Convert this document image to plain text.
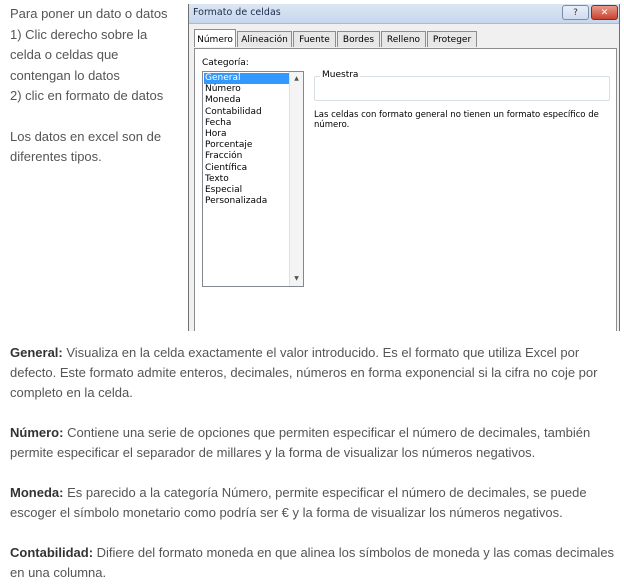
Para poner un dato o datos

1) Clic derecho sobre la

celda o celdas que

contengan lo datos

2) clic en formato de datos

Los datos en excel son de

diferentes tipos.

Formato de celdas	?	✕
Número Alineación	Fuente	Bordes	Relleno	Proteger
Categoría:
General
Número
Moneda
Contabilidad
Fecha
Hora
Porcentaje
Fracción
Científica
Texto
Especial
Personalizada
▲
▼
Muestra
Las celdas con formato general no tienen un formato específico de número.

General: Visualiza en la celda exactamente el valor introducido. Es el formato que utiliza Excel por defecto. Este formato admite enteros, decimales, números en forma exponencial si la cifra no coje por completo en la celda.

Número: Contiene una serie de opciones que permiten especificar el número de decimales, también permite especificar el separador de millares y la forma de visualizar los números negativos.

Moneda: Es parecido a la categoría Número, permite especificar el número de decimales, se puede escoger el símbolo monetario como podría ser € y la forma de visualizar los números negativos.

Contabilidad: Difiere del formato moneda en que alinea los símbolos de moneda y las comas decimales en una columna.
